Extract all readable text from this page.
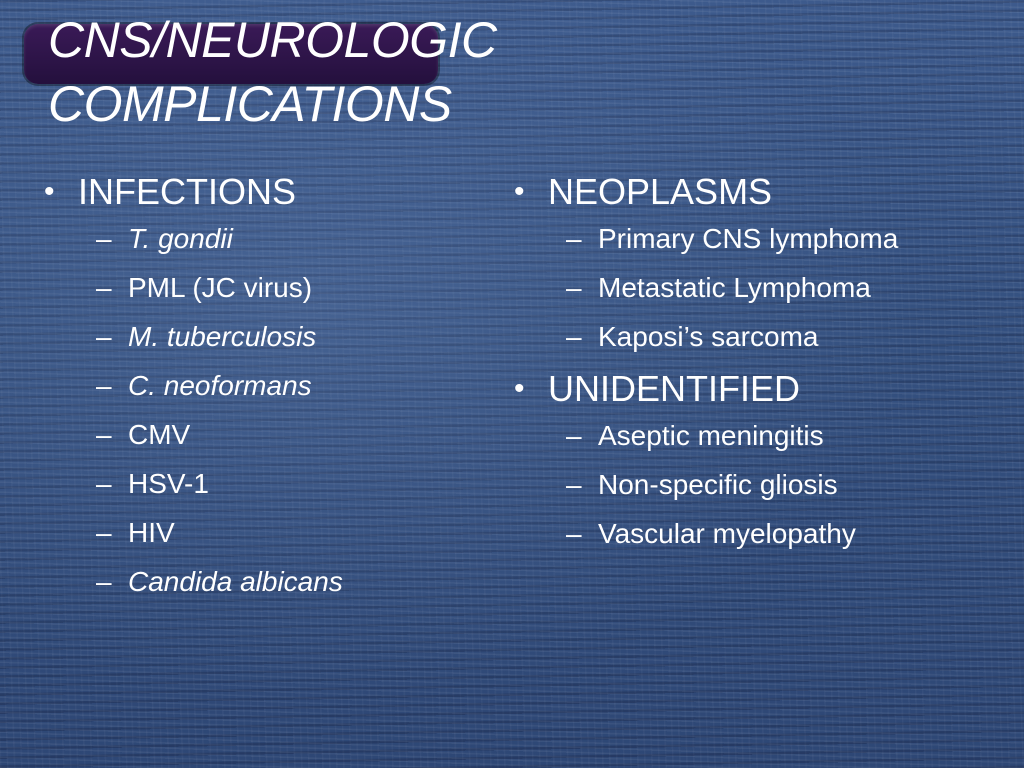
CNS/NEUROLOGIC
COMPLICATIONS
• INFECTIONS
– T. gondii
– PML (JC virus)
– M. tuberculosis
– C. neoformans
– CMV
– HSV-1
– HIV
– Candida albicans
• NEOPLASMS
– Primary CNS lymphoma
– Metastatic Lymphoma
– Kaposi’s sarcoma
• UNIDENTIFIED
– Aseptic meningitis
– Non-specific gliosis
– Vascular myelopathy
